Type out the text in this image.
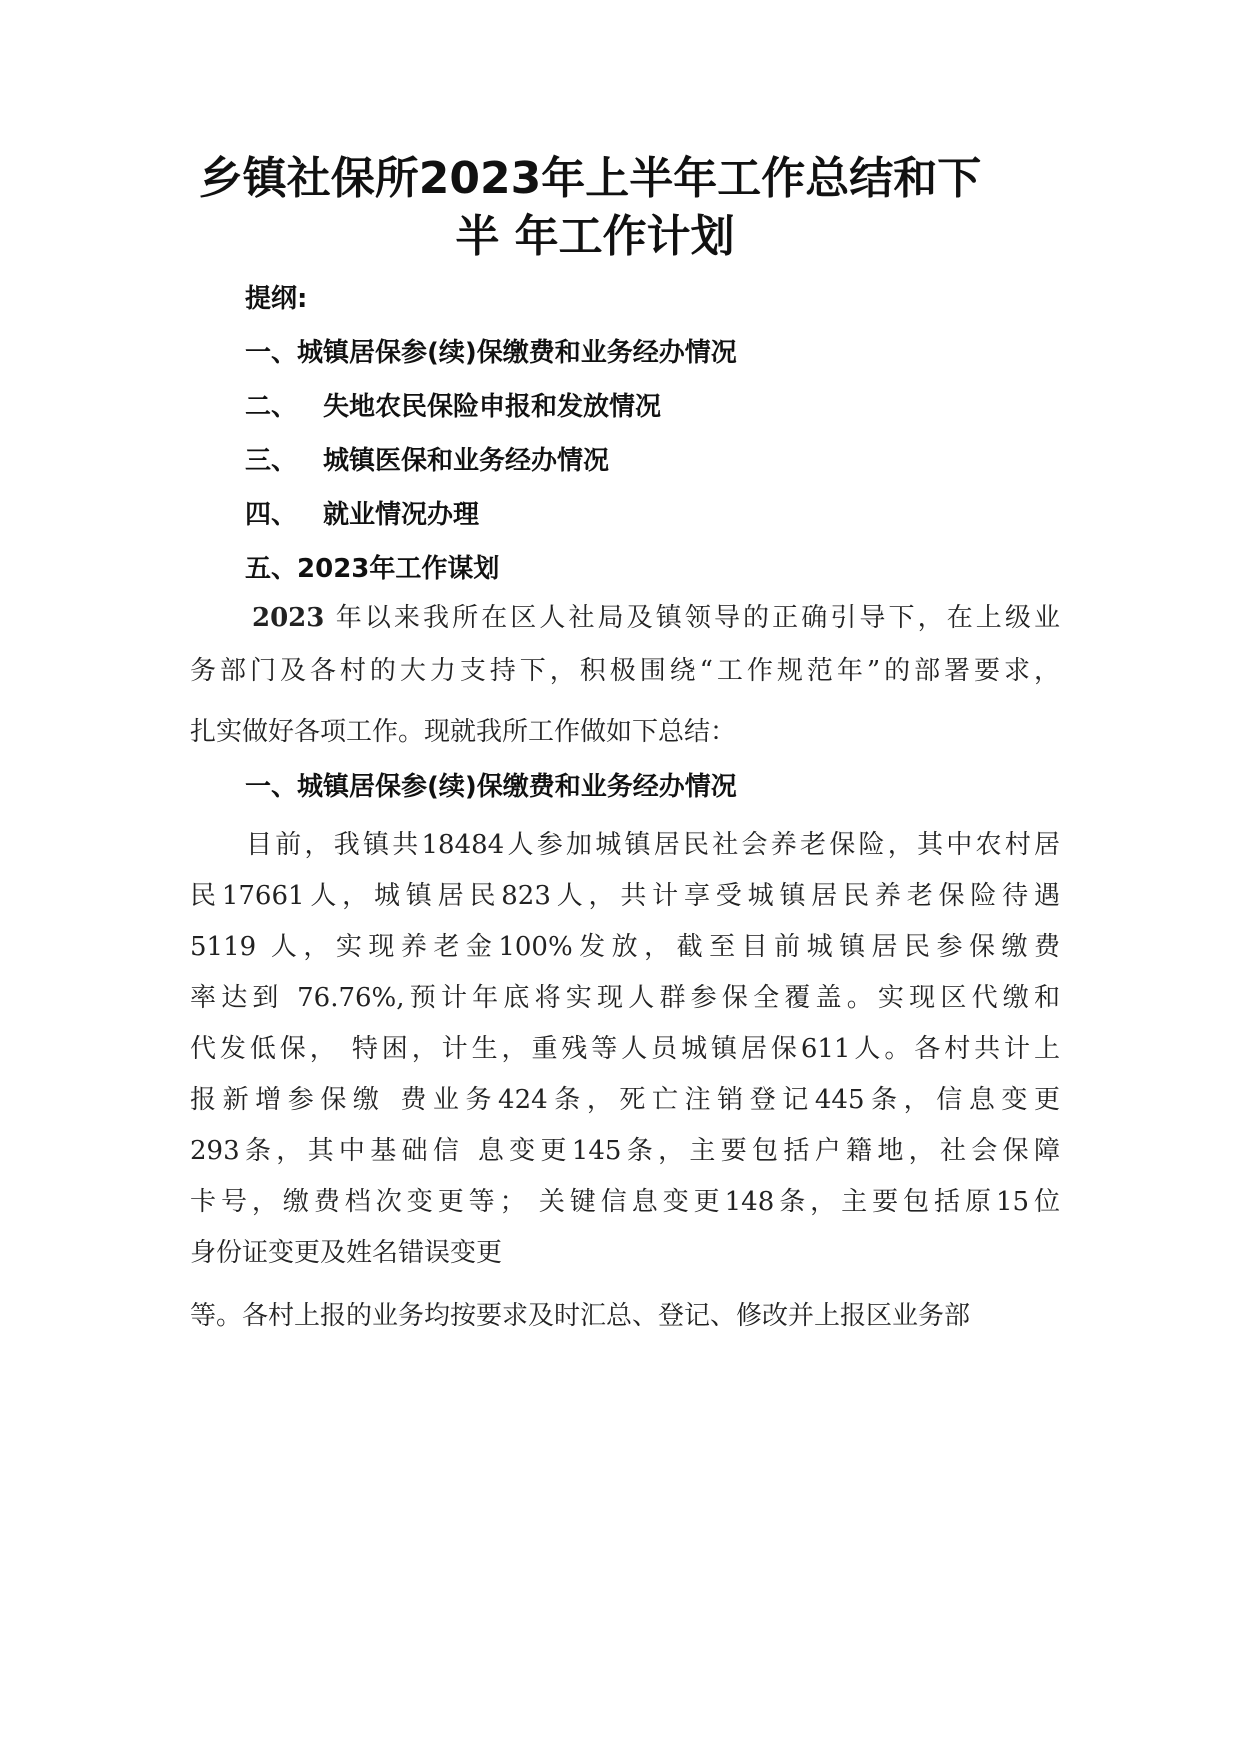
乡镇社保所2023年上半年工作总结和下
半 年工作计划
提纲:
一、城镇居保参(续)保缴费和业务经办情况
二、 失地农民保险申报和发放情况
三、 城镇医保和业务经办情况
四、 就业情况办理
五、2023年工作谋划
2023 年以来我所在区人社局及镇领导的正确引导下，在上级业
务部门及各村的大力支持下，积极围绕“工作规范年”的部署要求，
扎实做好各项工作。现就我所工作做如下总结：
一、城镇居保参(续)保缴费和业务经办情况
目前，我镇共18484人参加城镇居民社会养老保险，其中农村居
民17661人，城镇居民823人，共计享受城镇居民养老保险待遇
5119 人，实现养老金100%发放，截至目前城镇居民参保缴费
率达到 76.76%,预计年底将实现人群参保全覆盖。实现区代缴和
代发低保， 特困，计生，重残等人员城镇居保611人。各村共计上
报新增参保缴 费业务424条，死亡注销登记445条，信息变更
293条，其中基础信 息变更145条，主要包括户籍地，社会保障
卡号，缴费档次变更等； 关键信息变更148条，主要包括原15位
身份证变更及姓名错误变更
等。各村上报的业务均按要求及时汇总、登记、修改并上报区业务部
